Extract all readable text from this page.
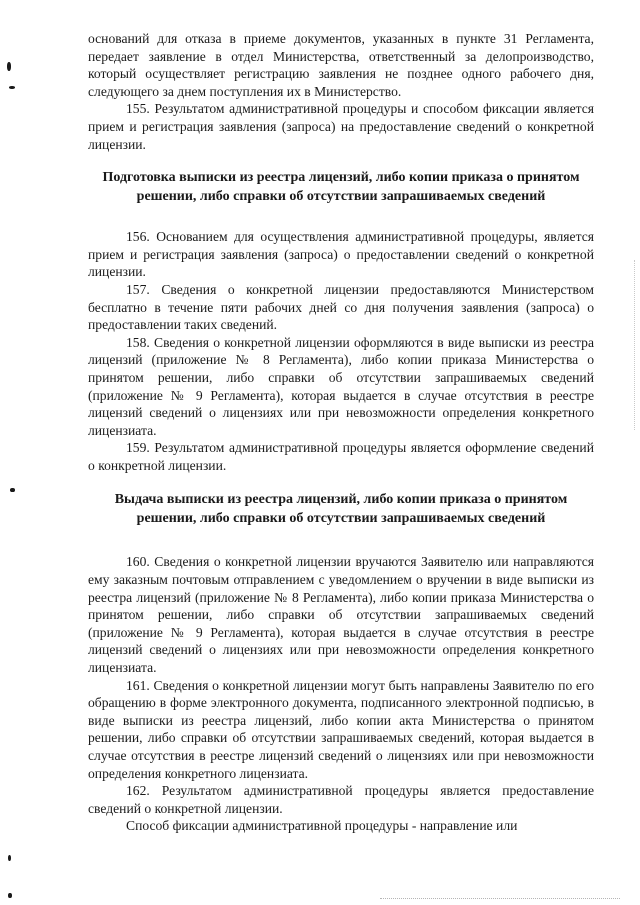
оснований для отказа в приеме документов, указанных в пункте 31 Регламента, передает заявление в отдел Министерства, ответственный за делопроизводство, который осуществляет регистрацию заявления не позднее одного рабочего дня, следующего за днем поступления их в Министерство.

155. Результатом административной процедуры и способом фиксации является прием и регистрация заявления (запроса) на предоставление сведений о конкретной лицензии.

Подготовка выписки из реестра лицензий, либо копии приказа о принятом решении, либо справки об отсутствии запрашиваемых сведений

156. Основанием для осуществления административной процедуры, является прием и регистрация заявления (запроса) о предоставлении сведений о конкретной лицензии.

157. Сведения о конкретной лицензии предоставляются Министерством бесплатно в течение пяти рабочих дней со дня получения заявления (запроса) о предоставлении таких сведений.

158. Сведения о конкретной лицензии оформляются в виде выписки из реестра лицензий (приложение № 8 Регламента), либо копии приказа Министерства о принятом решении, либо справки об отсутствии запрашиваемых сведений (приложение № 9 Регламента), которая выдается в случае отсутствия в реестре лицензий сведений о лицензиях или при невозможности определения конкретного лицензиата.

159. Результатом административной процедуры является оформление сведений о конкретной лицензии.

Выдача выписки из реестра лицензий, либо копии приказа о принятом решении, либо справки об отсутствии запрашиваемых сведений

160. Сведения о конкретной лицензии вручаются Заявителю или направляются ему заказным почтовым отправлением с уведомлением о вручении в виде выписки из реестра лицензий (приложение № 8 Регламента), либо копии приказа Министерства о принятом решении, либо справки об отсутствии запрашиваемых сведений (приложение № 9 Регламента), которая выдается в случае отсутствия в реестре лицензий сведений о лицензиях или при невозможности определения конкретного лицензиата.

161. Сведения о конкретной лицензии могут быть направлены Заявителю по его обращению в форме электронного документа, подписанного электронной подписью, в виде выписки из реестра лицензий, либо копии акта Министерства о принятом решении, либо справки об отсутствии запрашиваемых сведений, которая выдается в случае отсутствия в реестре лицензий сведений о лицензиях или при невозможности определения конкретного лицензиата.

162. Результатом административной процедуры является предоставление сведений о конкретной лицензии.

Способ фиксации административной процедуры - направление или
